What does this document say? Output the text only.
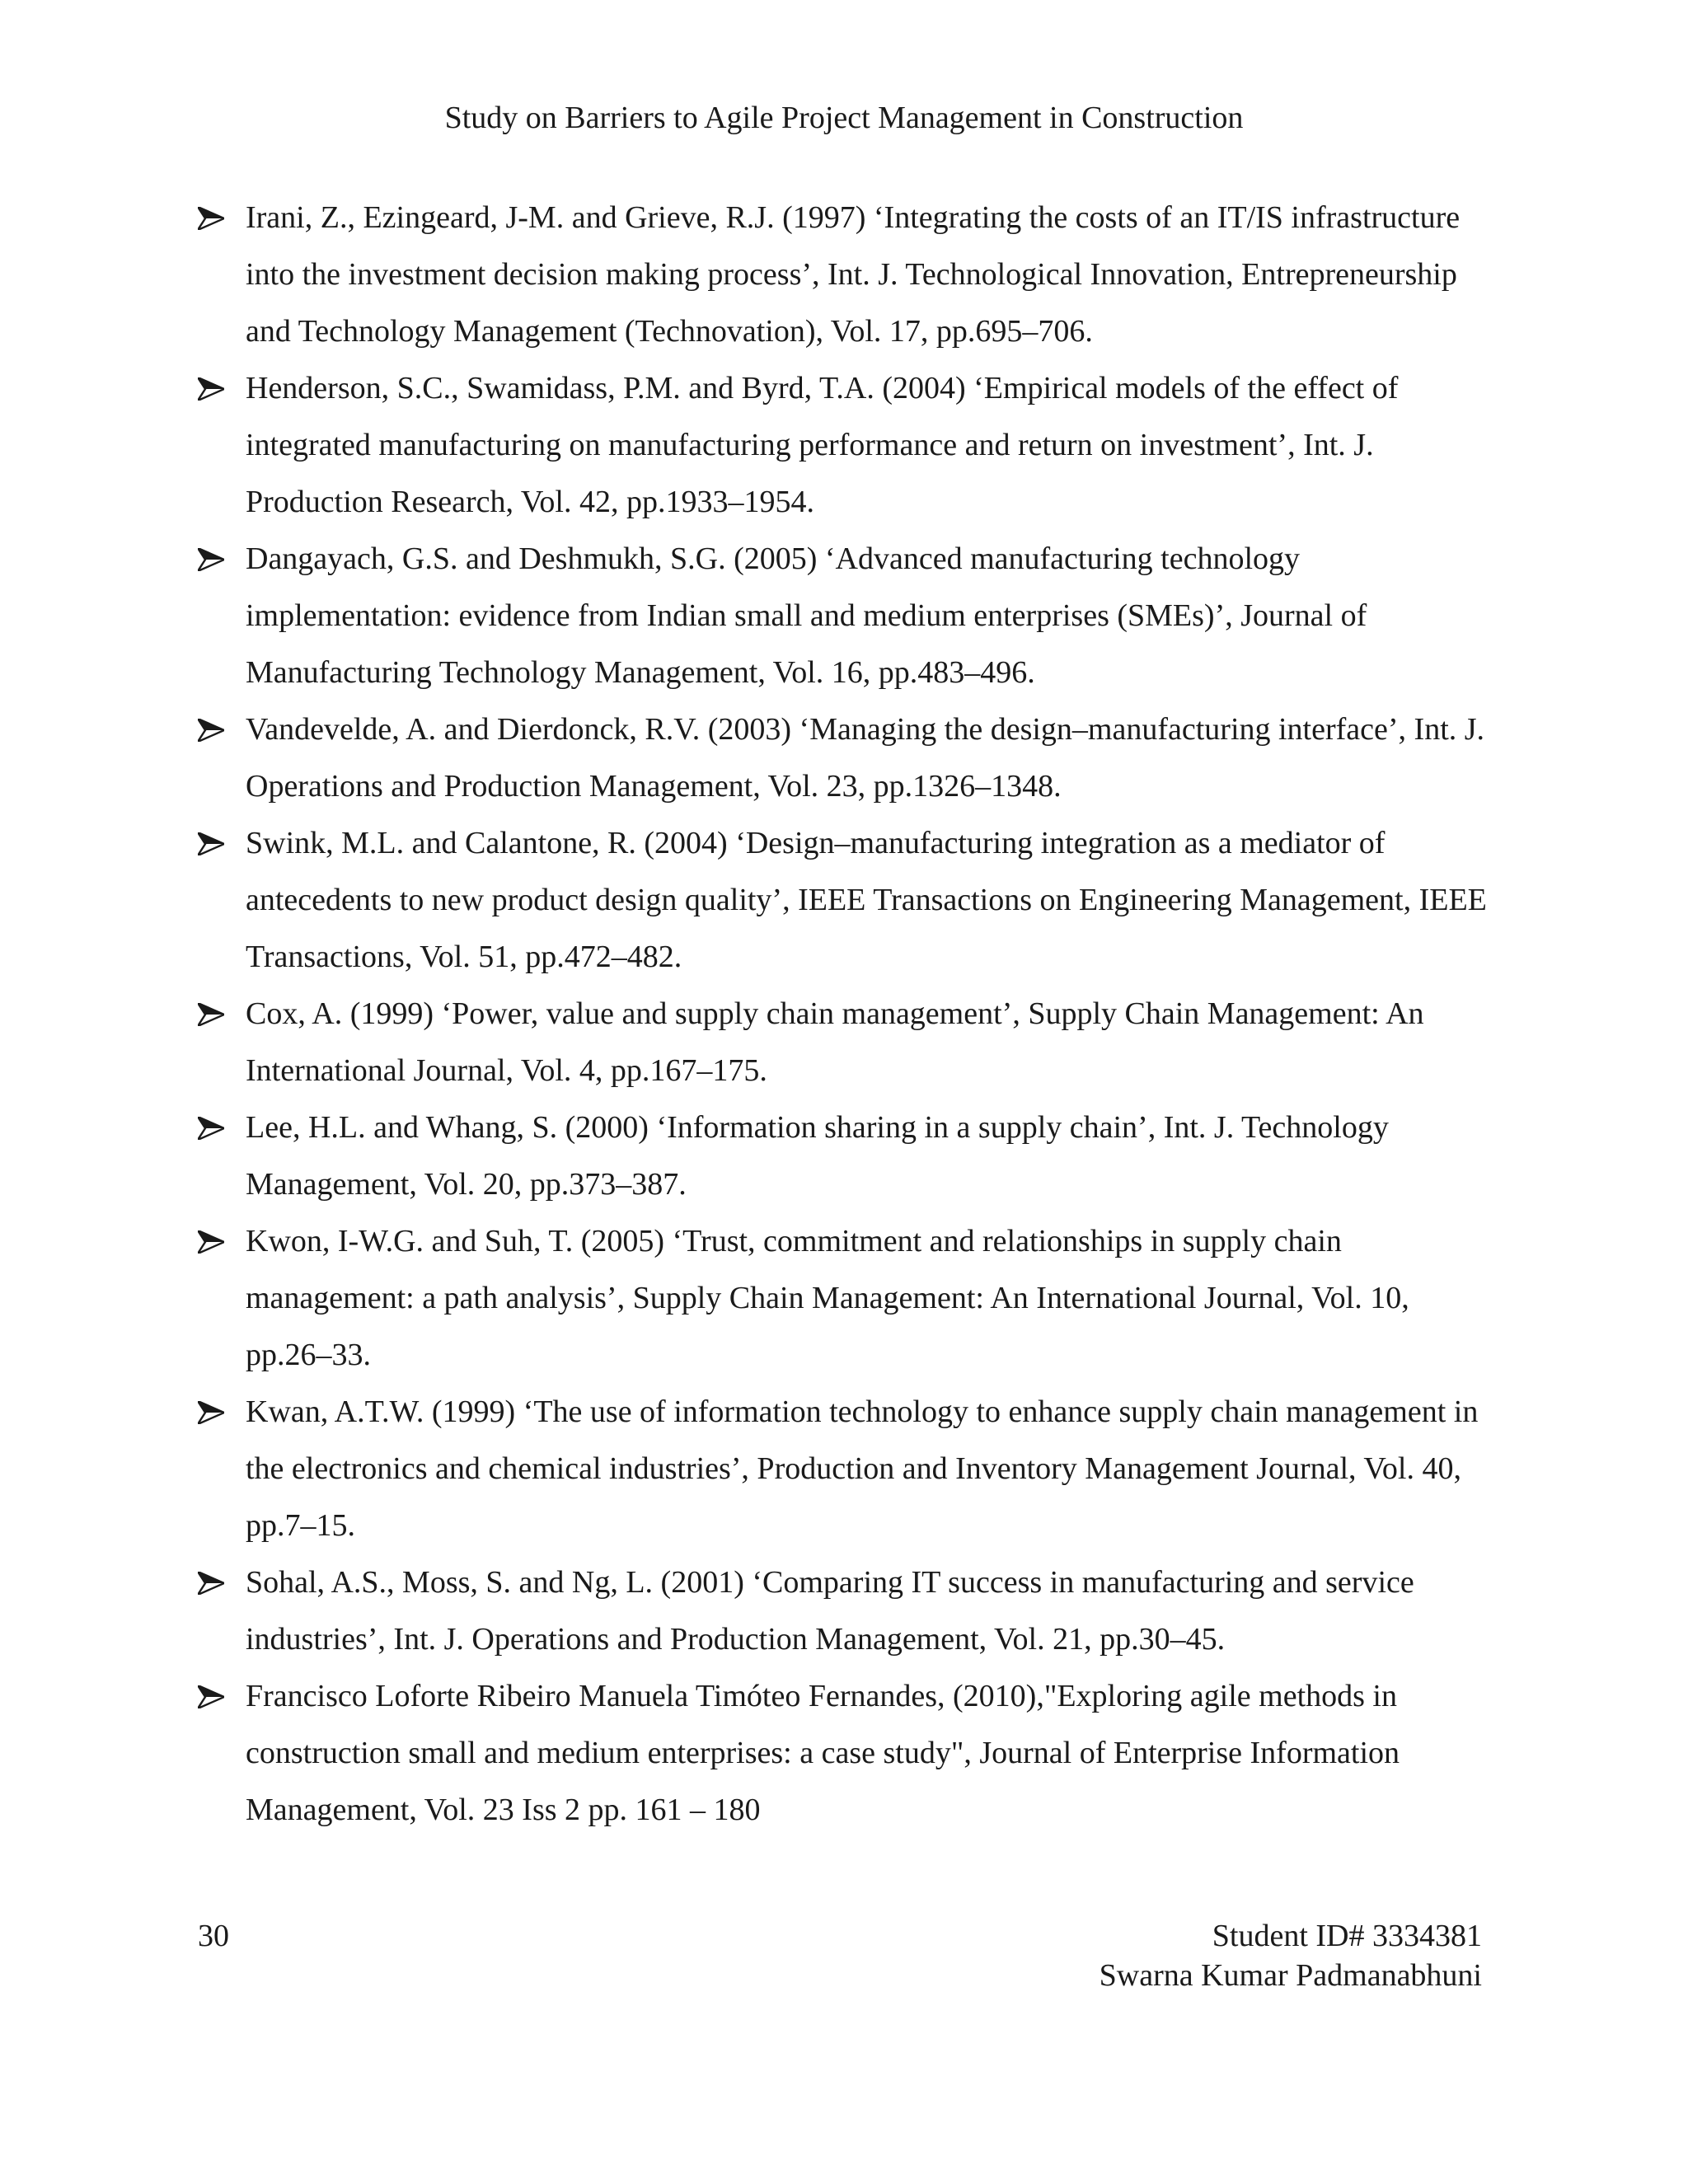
Study on Barriers to Agile Project Management in Construction
Irani, Z., Ezingeard, J-M. and Grieve, R.J. (1997) ‘Integrating the costs of an IT/IS infrastructure into the investment decision making process’, Int. J. Technological Innovation, Entrepreneurship and Technology Management (Technovation), Vol. 17, pp.695–706.
Henderson, S.C., Swamidass, P.M. and Byrd, T.A. (2004) ‘Empirical models of the effect of integrated manufacturing on manufacturing performance and return on investment’, Int. J. Production Research, Vol. 42, pp.1933–1954.
Dangayach, G.S. and Deshmukh, S.G. (2005) ‘Advanced manufacturing technology implementation: evidence from Indian small and medium enterprises (SMEs)’, Journal of Manufacturing Technology Management, Vol. 16, pp.483–496.
Vandevelde, A. and Dierdonck, R.V. (2003) ‘Managing the design–manufacturing interface’, Int. J. Operations and Production Management, Vol. 23, pp.1326–1348.
Swink, M.L. and Calantone, R. (2004) ‘Design–manufacturing integration as a mediator of antecedents to new product design quality’, IEEE Transactions on Engineering Management, IEEE Transactions, Vol. 51, pp.472–482.
Cox, A. (1999) ‘Power, value and supply chain management’, Supply Chain Management: An International Journal, Vol. 4, pp.167–175.
Lee, H.L. and Whang, S. (2000) ‘Information sharing in a supply chain’, Int. J. Technology Management, Vol. 20, pp.373–387.
Kwon, I-W.G. and Suh, T. (2005) ‘Trust, commitment and relationships in supply chain management: a path analysis’, Supply Chain Management: An International Journal, Vol. 10, pp.26–33.
Kwan, A.T.W. (1999) ‘The use of information technology to enhance supply chain management in the electronics and chemical industries’, Production and Inventory Management Journal, Vol. 40, pp.7–15.
Sohal, A.S., Moss, S. and Ng, L. (2001) ‘Comparing IT success in manufacturing and service industries’, Int. J. Operations and Production Management, Vol. 21, pp.30–45.
Francisco Loforte Ribeiro Manuela Timóteo Fernandes, (2010),"Exploring agile methods in construction small and medium enterprises: a case study", Journal of Enterprise Information Management, Vol. 23 Iss 2 pp. 161 – 180
30	Student ID# 3334381
Swarna Kumar Padmanabhuni
